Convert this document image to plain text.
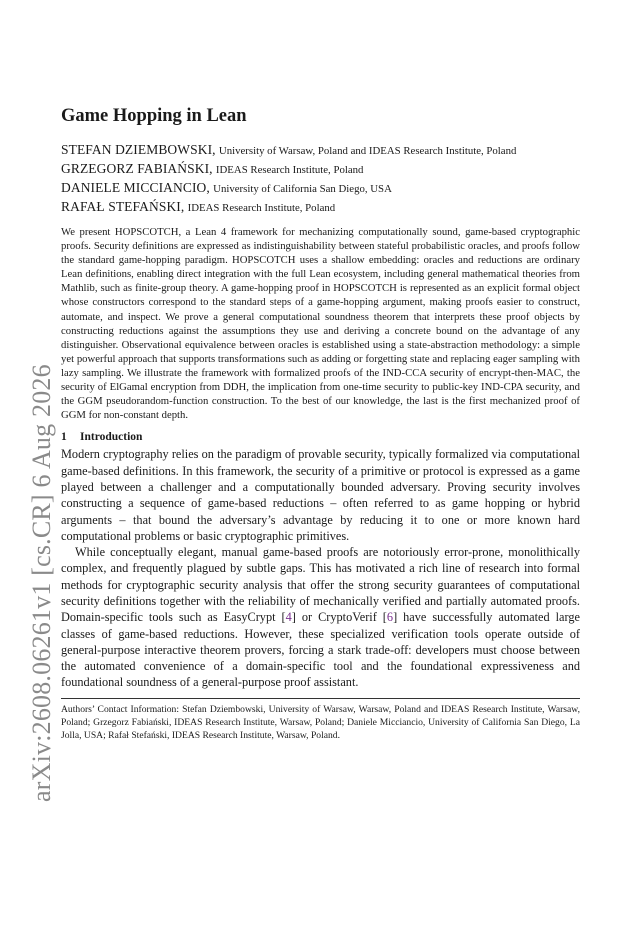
arXiv:2608.06261v1 [cs.CR] 6 Aug 2026
Game Hopping in Lean

STEFAN DZIEMBOWSKI, University of Warsaw, Poland and IDEAS Research Institute, Poland

GRZEGORZ FABIAŃSKI, IDEAS Research Institute, Poland

DANIELE MICCIANCIO, University of California San Diego, USA

RAFAŁ STEFAŃSKI, IDEAS Research Institute, Poland

We present HOPSCOTCH, a Lean 4 framework for mechanizing computationally sound, game-based cryptographic proofs. Security definitions are expressed as indistinguishability between stateful probabilistic oracles, and proofs follow the standard game-hopping paradigm. HOPSCOTCH uses a shallow embedding: oracles and reductions are ordinary Lean definitions, enabling direct integration with the full Lean ecosystem, including general mathematical theories from Mathlib, such as finite-group theory. A game-hopping proof in HOPSCOTCH is represented as an explicit formal object whose constructors correspond to the standard steps of a game-hopping argument, making proofs easier to construct, automate, and inspect. We prove a general computational soundness theorem that interprets these proof objects by constructing reductions against the assumptions they use and deriving a concrete bound on the advantage of any distinguisher. Observational equivalence between oracles is established using a state-abstraction methodology: a simple yet powerful approach that supports transformations such as adding or forgetting state and replacing eager sampling with lazy sampling. We illustrate the framework with formalized proofs of the IND-CCA security of encrypt-then-MAC, the security of ElGamal encryption from DDH, the implication from one-time security to public-key IND-CPA security, and the GGM pseudorandom-function construction. To the best of our knowledge, the last is the first mechanized proof of GGM for non-constant depth.

1 Introduction

Modern cryptography relies on the paradigm of provable security, typically formalized via computational game-based definitions. In this framework, the security of a primitive or protocol is expressed as a game played between a challenger and a computationally bounded adversary. Proving security involves constructing a sequence of game-based reductions – often referred to as game hopping or hybrid arguments – that bound the adversary’s advantage by reducing it to one or more known hard computational problems or basic cryptographic primitives.

While conceptually elegant, manual game-based proofs are notoriously error-prone, monolithically complex, and frequently plagued by subtle gaps. This has motivated a rich line of research into formal methods for cryptographic security analysis that offer the strong security guarantees of computational security definitions together with the reliability of mechanically verified and partially automated proofs. Domain-specific tools such as EasyCrypt [4] or CryptoVerif [6] have successfully automated large classes of game-based reductions. However, these specialized verification tools operate outside of general-purpose interactive theorem provers, forcing a stark trade-off: developers must choose between the automated convenience of a domain-specific tool and the foundational expressiveness and foundational soundness of a general-purpose proof assistant.

Authors’ Contact Information: Stefan Dziembowski, University of Warsaw, Warsaw, Poland and IDEAS Research Institute, Warsaw, Poland; Grzegorz Fabiański, IDEAS Research Institute, Warsaw, Poland; Daniele Micciancio, University of California San Diego, La Jolla, USA; Rafał Stefański, IDEAS Research Institute, Warsaw, Poland.
